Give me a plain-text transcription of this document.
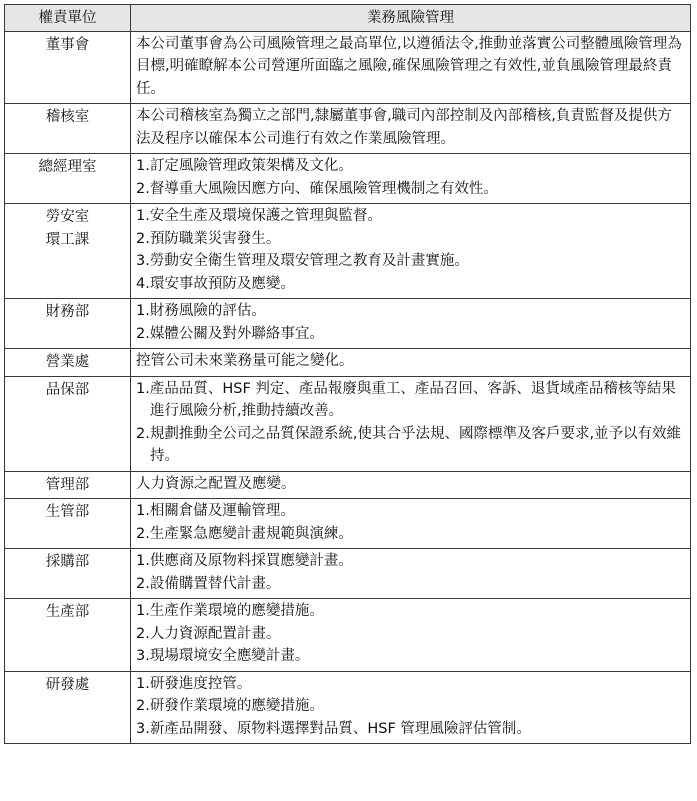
權責單位	業務風險管理

董事會	本公司董事會為公司風險管理之最高單位,以遵循法令,推動並落實公司整體風險管理為目標,明確瞭解本公司營運所面臨之風險,確保風險管理之有效性,並負風險管理最終責任。

稽核室	本公司稽核室為獨立之部門,隸屬董事會,職司內部控制及內部稽核,負責監督及提供方法及程序以確保本公司進行有效之作業風險管理。

總經理室	1.訂定風險管理政策架構及文化。
2.督導重大風險因應方向、確保風險管理機制之有效性。

勞安室
環工課	1.安全生產及環境保護之管理與監督。
2.預防職業災害發生。
3.勞動安全衛生管理及環安管理之教育及計畫實施。
4.環安事故預防及應變。

財務部	1.財務風險的評估。
2.媒體公關及對外聯絡事宜。

營業處	控管公司未來業務量可能之變化。

品保部	1.產品品質、HSF 判定、產品報廢與重工、產品召回、客訴、退貨域產品稽核等結果進行風險分析,推動持續改善。
2.規劃推動全公司之品質保證系統,使其合乎法規、國際標準及客戶要求,並予以有效維持。

管理部	人力資源之配置及應變。

生管部	1.相關倉儲及運輸管理。
2.生產緊急應變計畫規範與演練。

採購部	1.供應商及原物料採買應變計畫。
2.設備購置替代計畫。

生產部	1.生產作業環境的應變措施。
2.人力資源配置計畫。
3.現場環境安全應變計畫。

研發處	1.研發進度控管。
2.研發作業環境的應變措施。
3.新產品開發、原物料選擇對品質、HSF 管理風險評估管制。
